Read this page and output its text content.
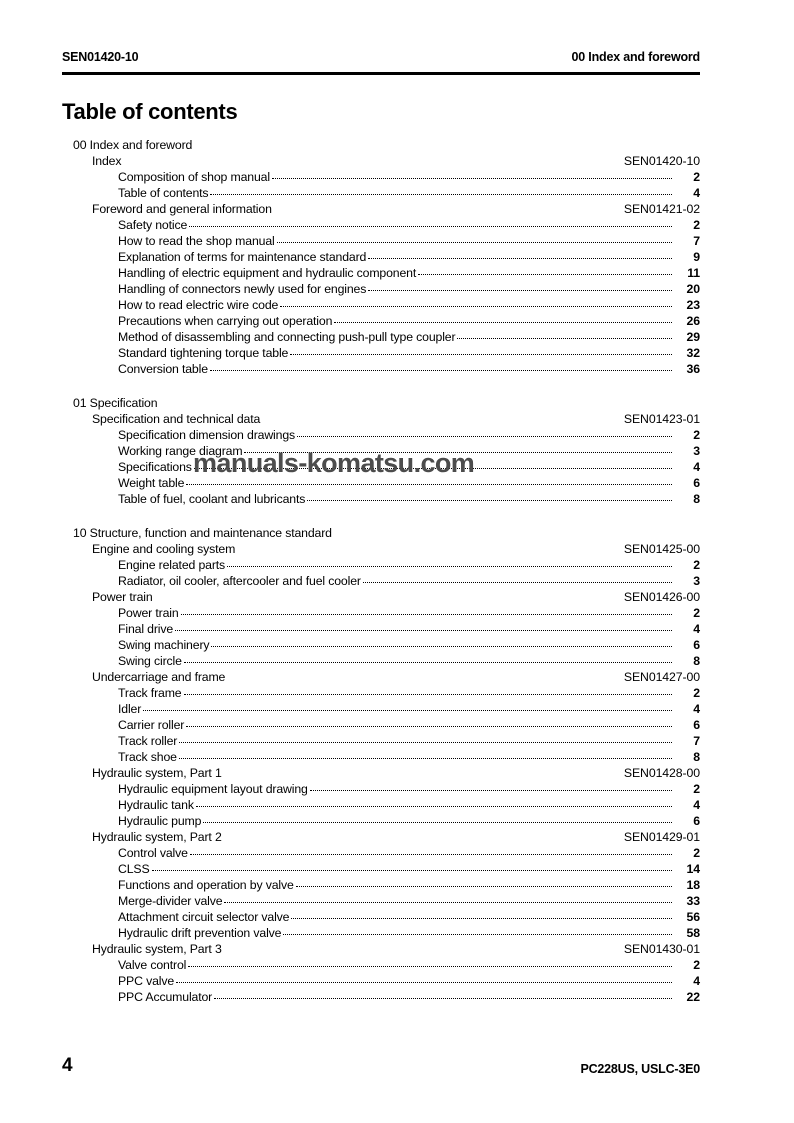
SEN01420-10	00 Index and foreword
Table of contents
00 Index and foreword
Index	SEN01420-10
Composition of shop manual	2
Table of contents	4
Foreword and general information	SEN01421-02
Safety notice	2
How to read the shop manual	7
Explanation of terms for maintenance standard	9
Handling of electric equipment and hydraulic component	11
Handling of connectors newly used for engines	20
How to read electric wire code	23
Precautions when carrying out operation	26
Method of disassembling and connecting push-pull type coupler	29
Standard tightening torque table	32
Conversion table	36
01 Specification
Specification and technical data	SEN01423-01
Specification dimension drawings	2
Working range diagram	3
Specifications	4
Weight table	6
Table of fuel, coolant and lubricants	8
10 Structure, function and maintenance standard
Engine and cooling system	SEN01425-00
Engine related parts	2
Radiator, oil cooler, aftercooler and fuel cooler	3
Power train	SEN01426-00
Power train	2
Final drive	4
Swing machinery	6
Swing circle	8
Undercarriage and frame	SEN01427-00
Track frame	2
Idler	4
Carrier roller	6
Track roller	7
Track shoe	8
Hydraulic system, Part 1	SEN01428-00
Hydraulic equipment layout drawing	2
Hydraulic tank	4
Hydraulic pump	6
Hydraulic system, Part 2	SEN01429-01
Control valve	2
CLSS	14
Functions and operation by valve	18
Merge-divider valve	33
Attachment circuit selector valve	56
Hydraulic drift prevention valve	58
Hydraulic system, Part 3	SEN01430-01
Valve control	2
PPC valve	4
PPC Accumulator	22
manuals-komatsu.com
4	PC228US, USLC-3E0
